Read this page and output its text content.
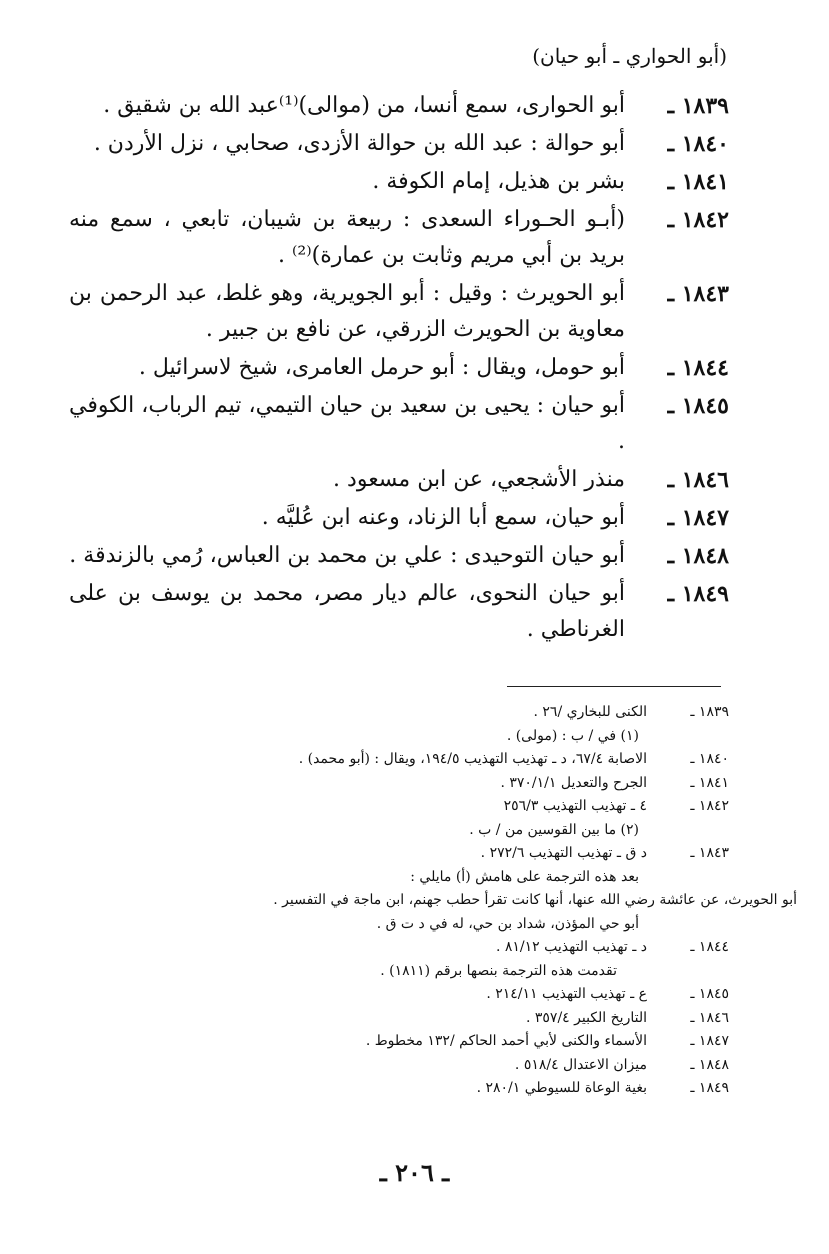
(أبو الحواري ـ أبو حيان)
١٨٣٩ ـ
أبو الحوارى، سمع أنسا، من (موالى)⁽¹⁾عبد الله بن شقيق .
١٨٤٠ ـ
أبو حوالة : عبد الله بن حوالة الأزدى، صحابي ، نزل الأردن .
١٨٤١ ـ
بشر بن هذيل، إمام الكوفة .
١٨٤٢ ـ
(أبـو الحـوراء السعدى : ربيعة بن شيبان، تابعي ، سمع منه بريد بن أبي مريم وثابت بن عمارة)⁽²⁾ .
١٨٤٣ ـ
أبو الحويرث : وقيل : أبو الجويرية، وهو غلط، عبد الرحمن بن معاوية بن الحويرث الزرقي، عن نافع بن جبير .
١٨٤٤ ـ
أبو حومل، ويقال : أبو حرمل العامرى، شيخ لاسرائيل .
١٨٤٥ ـ
أبو حيان : يحيى بن سعيد بن حيان التيمي، تيم الرباب، الكوفي .
١٨٤٦ ـ
منذر الأشجعي، عن ابن مسعود .
١٨٤٧ ـ
أبو حيان، سمع أبا الزناد، وعنه ابن عُليَّه .
١٨٤٨ ـ
أبو حيان التوحيدى : علي بن محمد بن العباس، رُمي بالزندقة .
١٨٤٩ ـ
أبو حيان النحوى، عالم ديار مصر، محمد بن يوسف بن على الغرناطي .
١٨٣٩ ـ
الكنى للبخاري /٢٦ .
(١) في / ب : (مولى) .
١٨٤٠ ـ
الاصابة ٦٧/٤، د ـ تهذيب التهذيب ١٩٤/٥، ويقال : (أبو محمد) .
١٨٤١ ـ
الجرح والتعديل ٣٧٠/١/١ .
١٨٤٢ ـ
٤ ـ تهذيب التهذيب ٢٥٦/٣
(٢) ما بين القوسين من / ب .
١٨٤٣ ـ
د ق ـ تهذيب التهذيب ٢٧٢/٦ .
بعد هذه الترجمة على هامش (أ) مايلي :
أبو الحويرث، عن عائشة رضي الله عنها، أنها كانت تقرأ حطب جهنم، ابن ماجة في التفسير .
أبو حي المؤذن، شداد بن حي، له في د ت ق .
١٨٤٤ ـ
د ـ تهذيب التهذيب ٨١/١٢ .
تقدمت هذه الترجمة بنصها برقم (١٨١١) .
١٨٤٥ ـ
ع ـ تهذيب التهذيب ٢١٤/١١ .
١٨٤٦ ـ
التاريخ الكبير ٣٥٧/٤ .
١٨٤٧ ـ
الأسماء والكنى لأبي أحمد الحاكم /١٣٢ مخطوط .
١٨٤٨ ـ
ميزان الاعتدال ٥١٨/٤ .
١٨٤٩ ـ
بغية الوعاة للسيوطي ٢٨٠/١ .
ـ ٢٠٦ ـ
